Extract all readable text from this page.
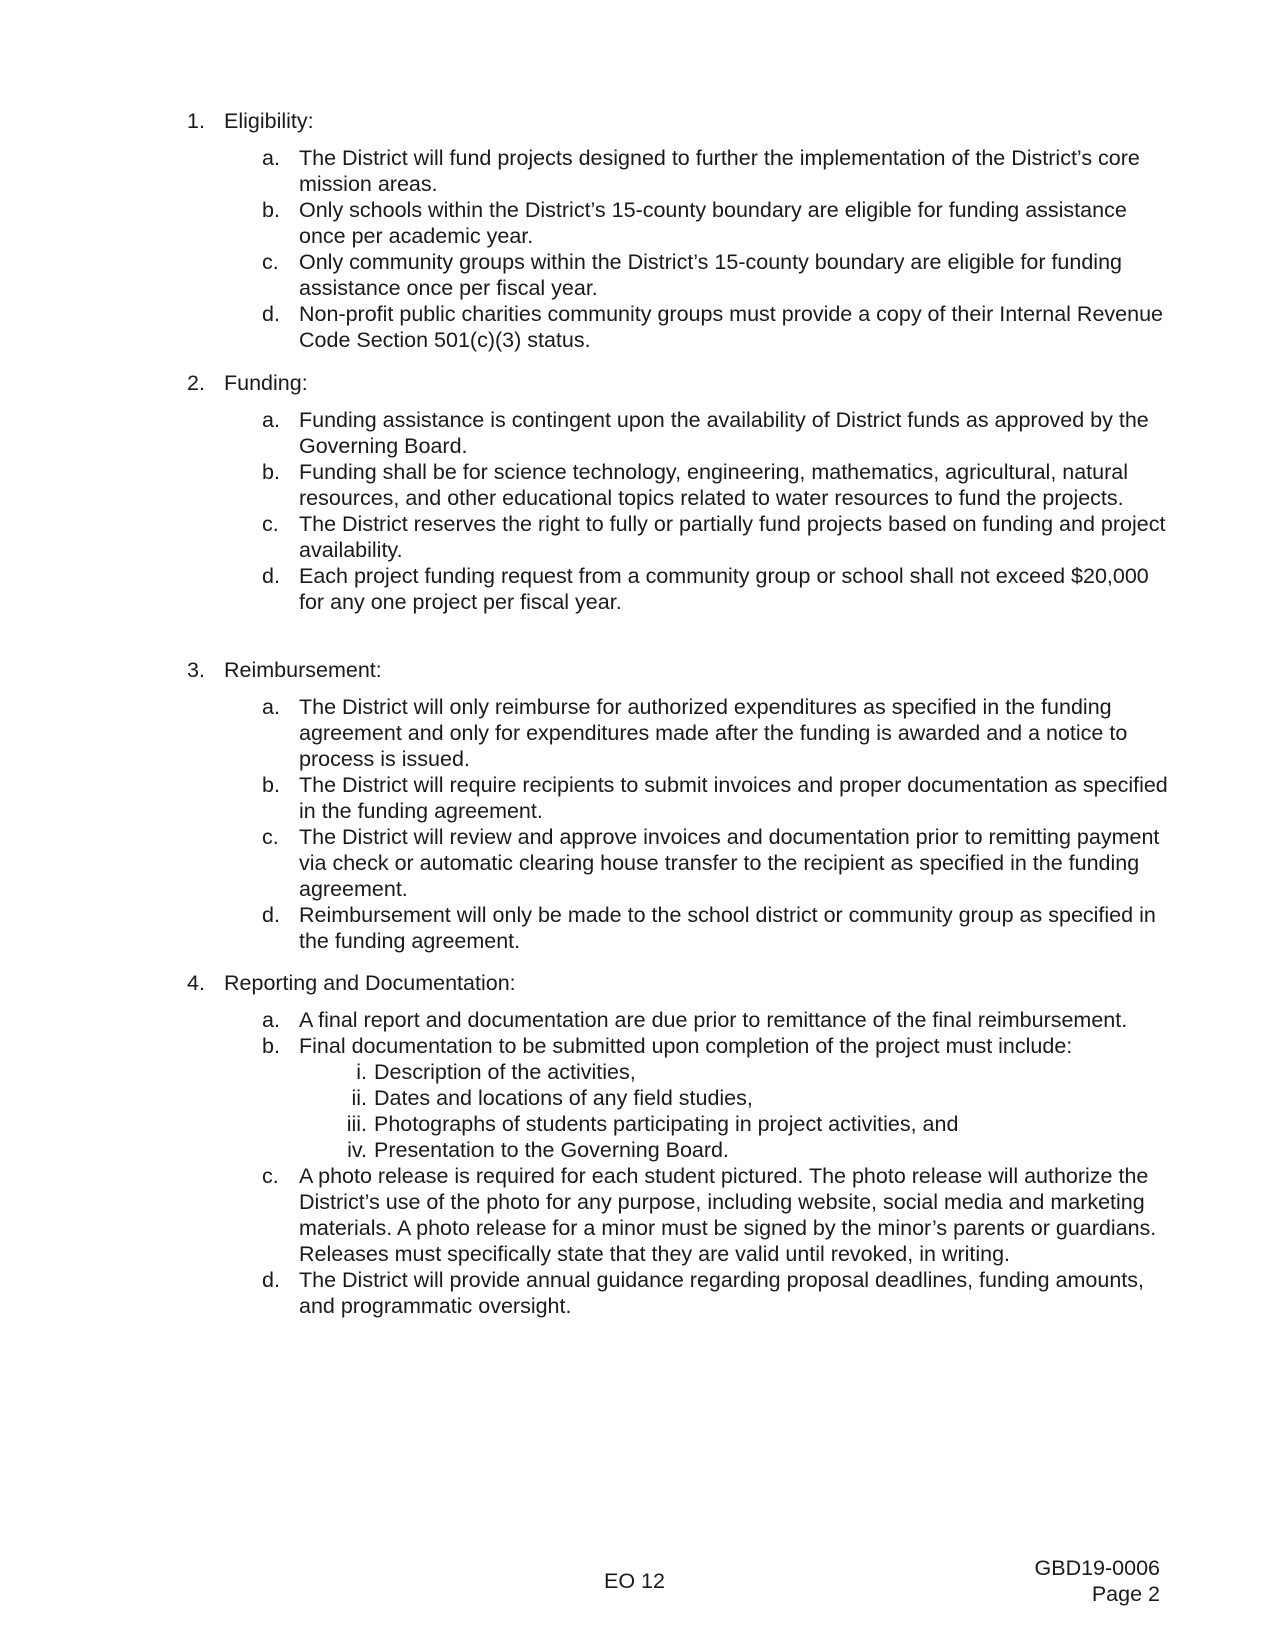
1. Eligibility:
a. The District will fund projects designed to further the implementation of the District’s core mission areas.
b. Only schools within the District’s 15-county boundary are eligible for funding assistance once per academic year.
c. Only community groups within the District’s 15-county boundary are eligible for funding assistance once per fiscal year.
d. Non-profit public charities community groups must provide a copy of their Internal Revenue Code Section 501(c)(3) status.
2. Funding:
a. Funding assistance is contingent upon the availability of District funds as approved by the Governing Board.
b. Funding shall be for science technology, engineering, mathematics, agricultural, natural resources, and other educational topics related to water resources to fund the projects.
c. The District reserves the right to fully or partially fund projects based on funding and project availability.
d. Each project funding request from a community group or school shall not exceed $20,000 for any one project per fiscal year.
3. Reimbursement:
a. The District will only reimburse for authorized expenditures as specified in the funding agreement and only for expenditures made after the funding is awarded and a notice to process is issued.
b. The District will require recipients to submit invoices and proper documentation as specified in the funding agreement.
c. The District will review and approve invoices and documentation prior to remitting payment via check or automatic clearing house transfer to the recipient as specified in the funding agreement.
d. Reimbursement will only be made to the school district or community group as specified in the funding agreement.
4. Reporting and Documentation:
a. A final report and documentation are due prior to remittance of the final reimbursement.
b. Final documentation to be submitted upon completion of the project must include:
i. Description of the activities,
ii. Dates and locations of any field studies,
iii. Photographs of students participating in project activities, and
iv. Presentation to the Governing Board.
c. A photo release is required for each student pictured. The photo release will authorize the District’s use of the photo for any purpose, including website, social media and marketing materials. A photo release for a minor must be signed by the minor’s parents or guardians. Releases must specifically state that they are valid until revoked, in writing.
d. The District will provide annual guidance regarding proposal deadlines, funding amounts, and programmatic oversight.
EO 12
GBD19-0006
Page 2
